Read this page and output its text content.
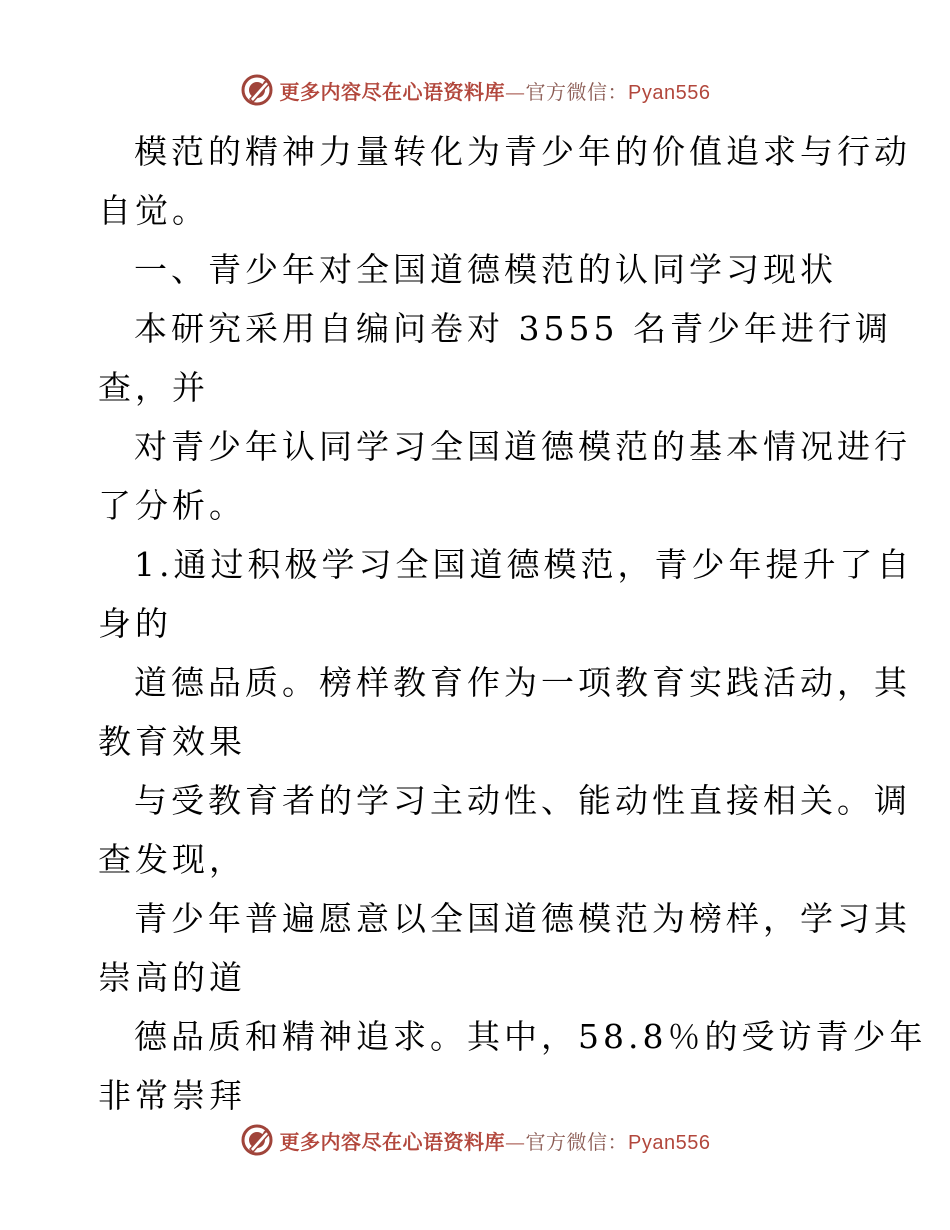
更多内容尽在心语资料库—官方微信：Pyan556
模范的精神力量转化为青少年的价值追求与行动
自觉。
一、青少年对全国道德模范的认同学习现状
本研究采用自编问卷对 3555 名青少年进行调
查，并
对青少年认同学习全国道德模范的基本情况进行
了分析。
1.通过积极学习全国道德模范，青少年提升了自
身的
道德品质。榜样教育作为一项教育实践活动，其
教育效果
与受教育者的学习主动性、能动性直接相关。调
查发现，
青少年普遍愿意以全国道德模范为榜样，学习其
崇高的道
德品质和精神追求。其中，58.8％的受访青少年
非常崇拜
更多内容尽在心语资料库—官方微信：Pyan556
